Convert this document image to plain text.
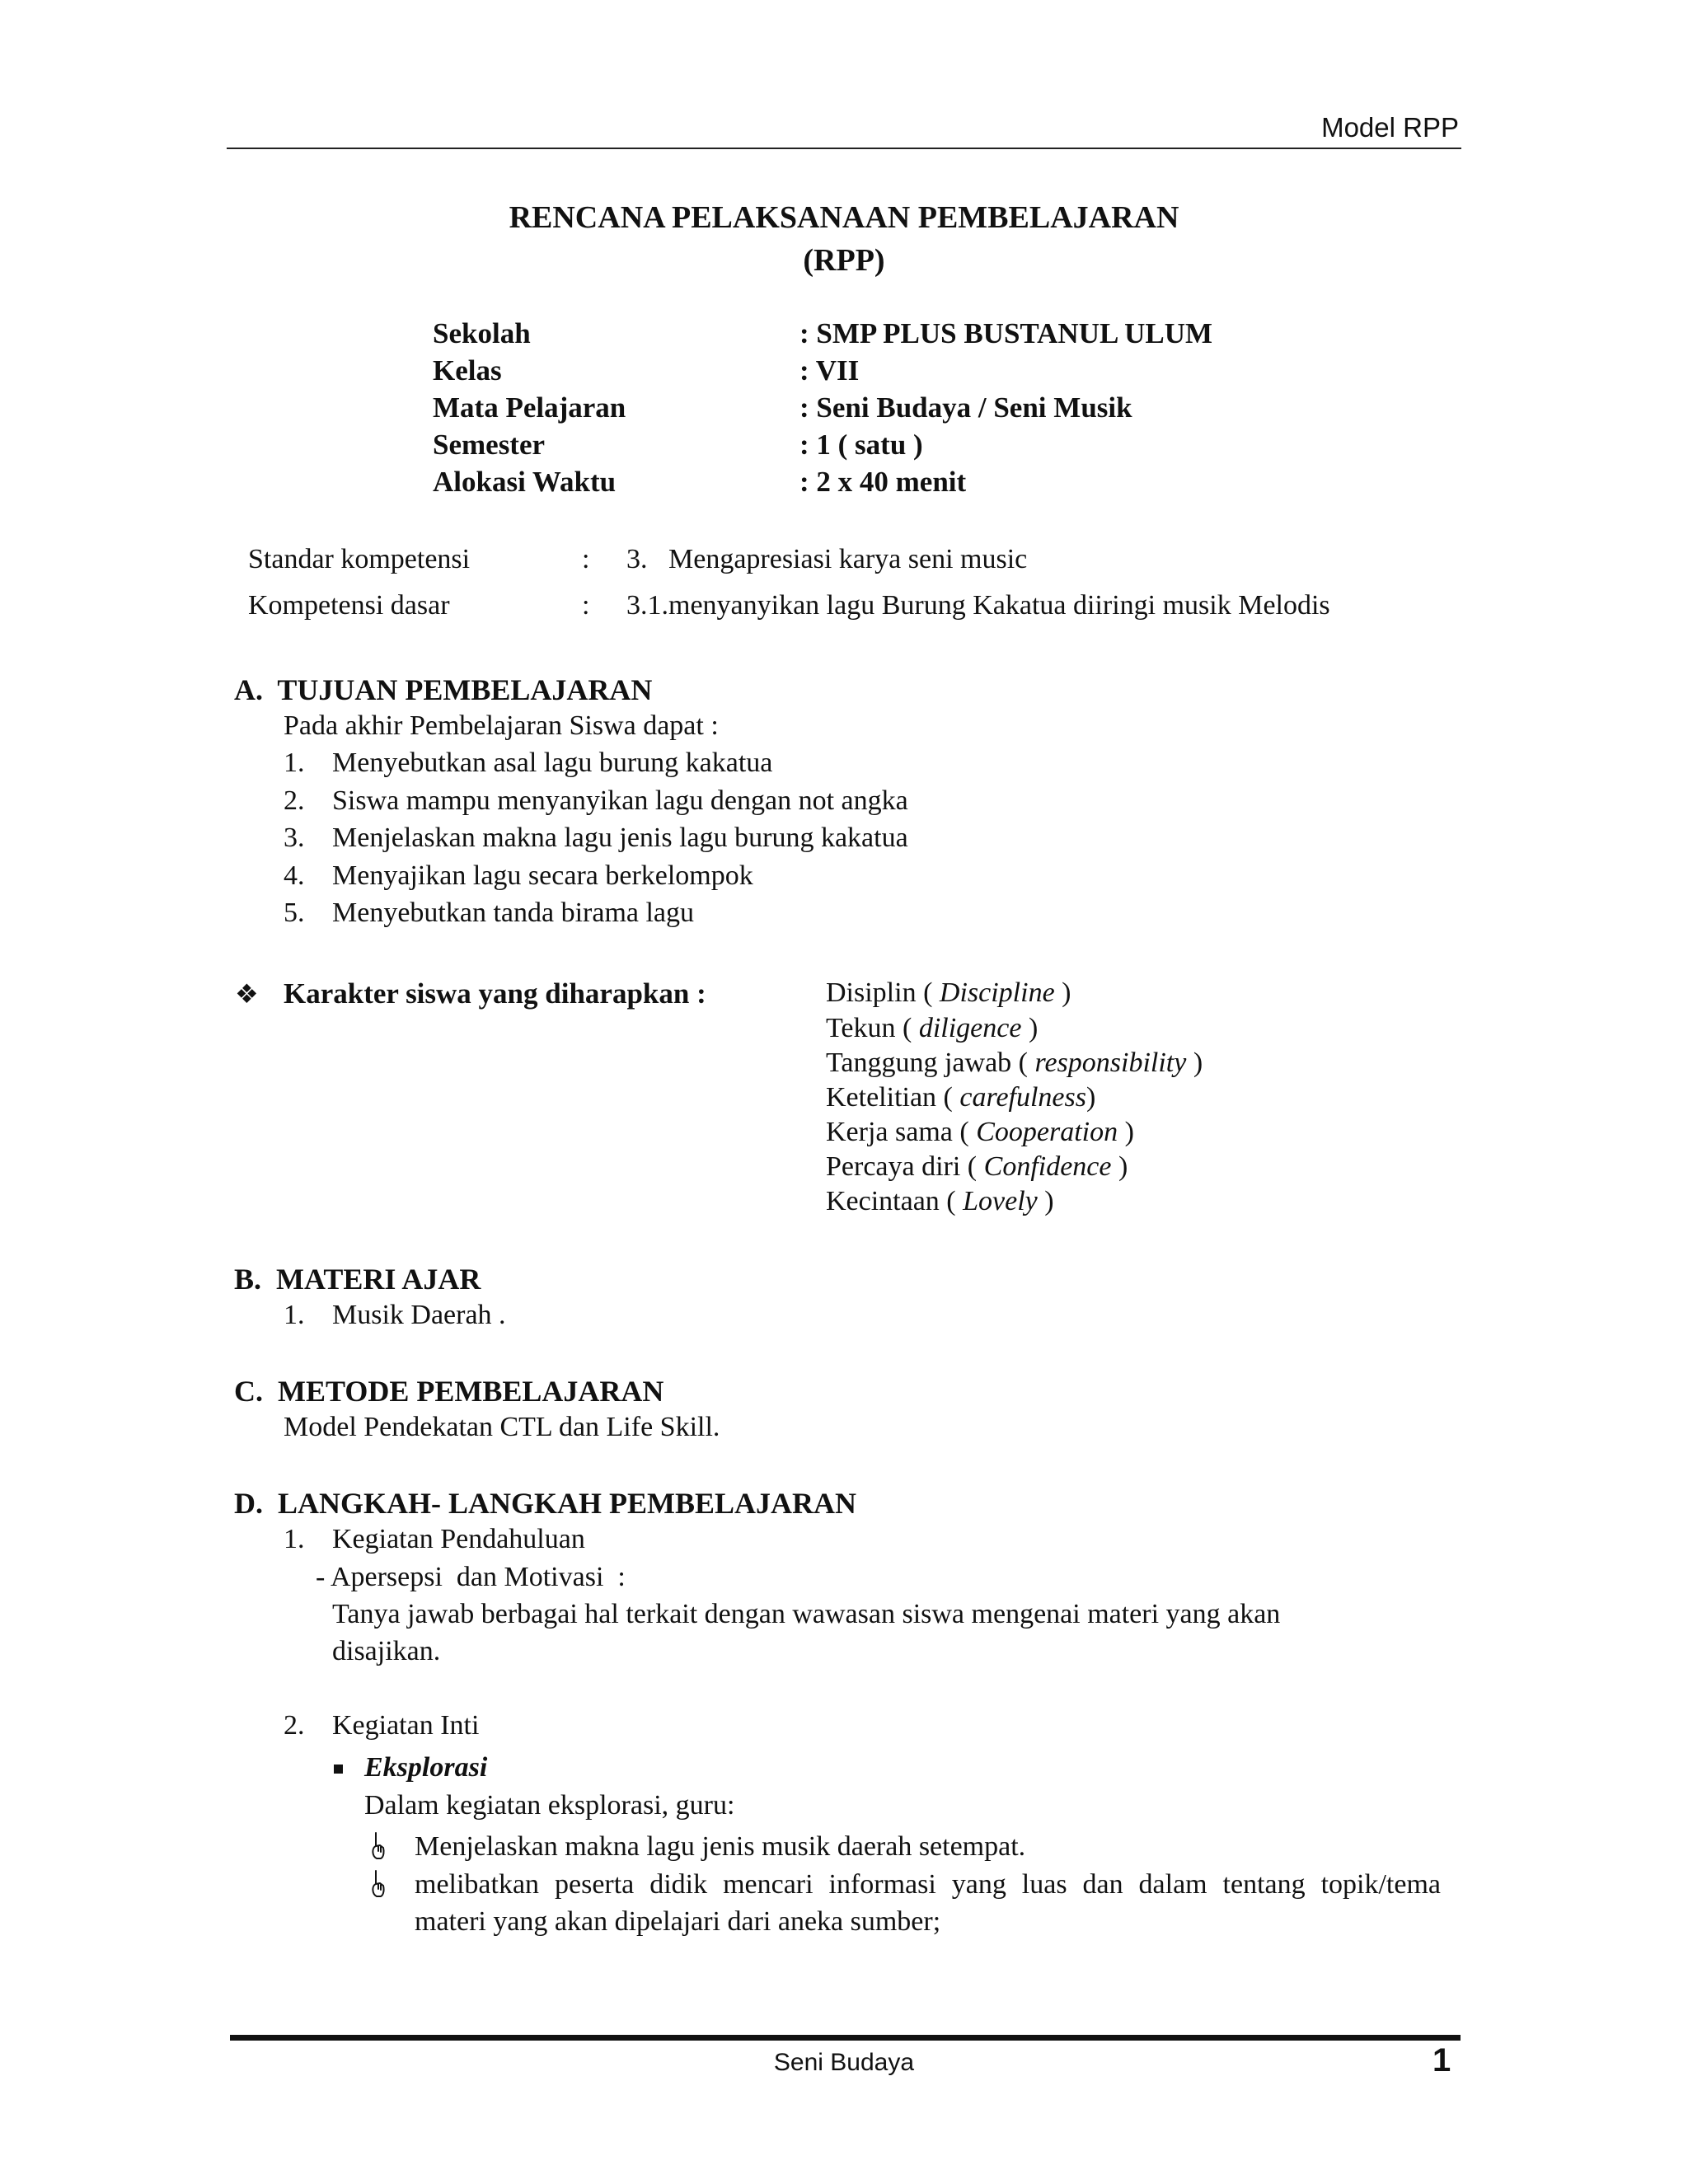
Model RPP
RENCANA PELAKSANAAN PEMBELAJARAN
(RPP)
Sekolah	: SMP PLUS BUSTANUL ULUM
Kelas	: VII
Mata Pelajaran	: Seni Budaya / Seni Musik
Semester	: 1 ( satu )
Alokasi Waktu	: 2 x 40 menit
Standar kompetensi	: 3.   Mengapresiasi karya seni music
Kompetensi dasar	: 3.1.menyanyikan lagu Burung Kakatua diiringi musik Melodis
A.  TUJUAN PEMBELAJARAN
Pada akhir Pembelajaran Siswa dapat :
1. Menyebutkan asal lagu burung kakatua
2. Siswa mampu menyanyikan lagu dengan not angka
3. Menjelaskan makna lagu jenis lagu burung kakatua
4. Menyajikan lagu secara berkelompok
5. Menyebutkan tanda birama lagu
❖ Karakter siswa yang diharapkan :	Disiplin ( Discipline )
Tekun ( diligence )
Tanggung jawab ( responsibility )
Ketelitian ( carefulness)
Kerja sama ( Cooperation )
Percaya diri ( Confidence )
Kecintaan ( Lovely )
B.  MATERI AJAR
1. Musik Daerah .
C.  METODE PEMBELAJARAN
Model Pendekatan CTL dan Life Skill.
D.  LANGKAH- LANGKAH PEMBELAJARAN
1. Kegiatan Pendahuluan
- Apersepsi  dan Motivasi  :
Tanya jawab berbagai hal terkait dengan wawasan siswa mengenai materi yang akan
disajikan.
2. Kegiatan Inti
Eksplorasi
Dalam kegiatan eksplorasi, guru:
Menjelaskan makna lagu jenis musik daerah setempat.
melibatkan peserta didik mencari informasi yang luas dan dalam tentang topik/tema
materi yang akan dipelajari dari aneka sumber;
Seni Budaya	1
